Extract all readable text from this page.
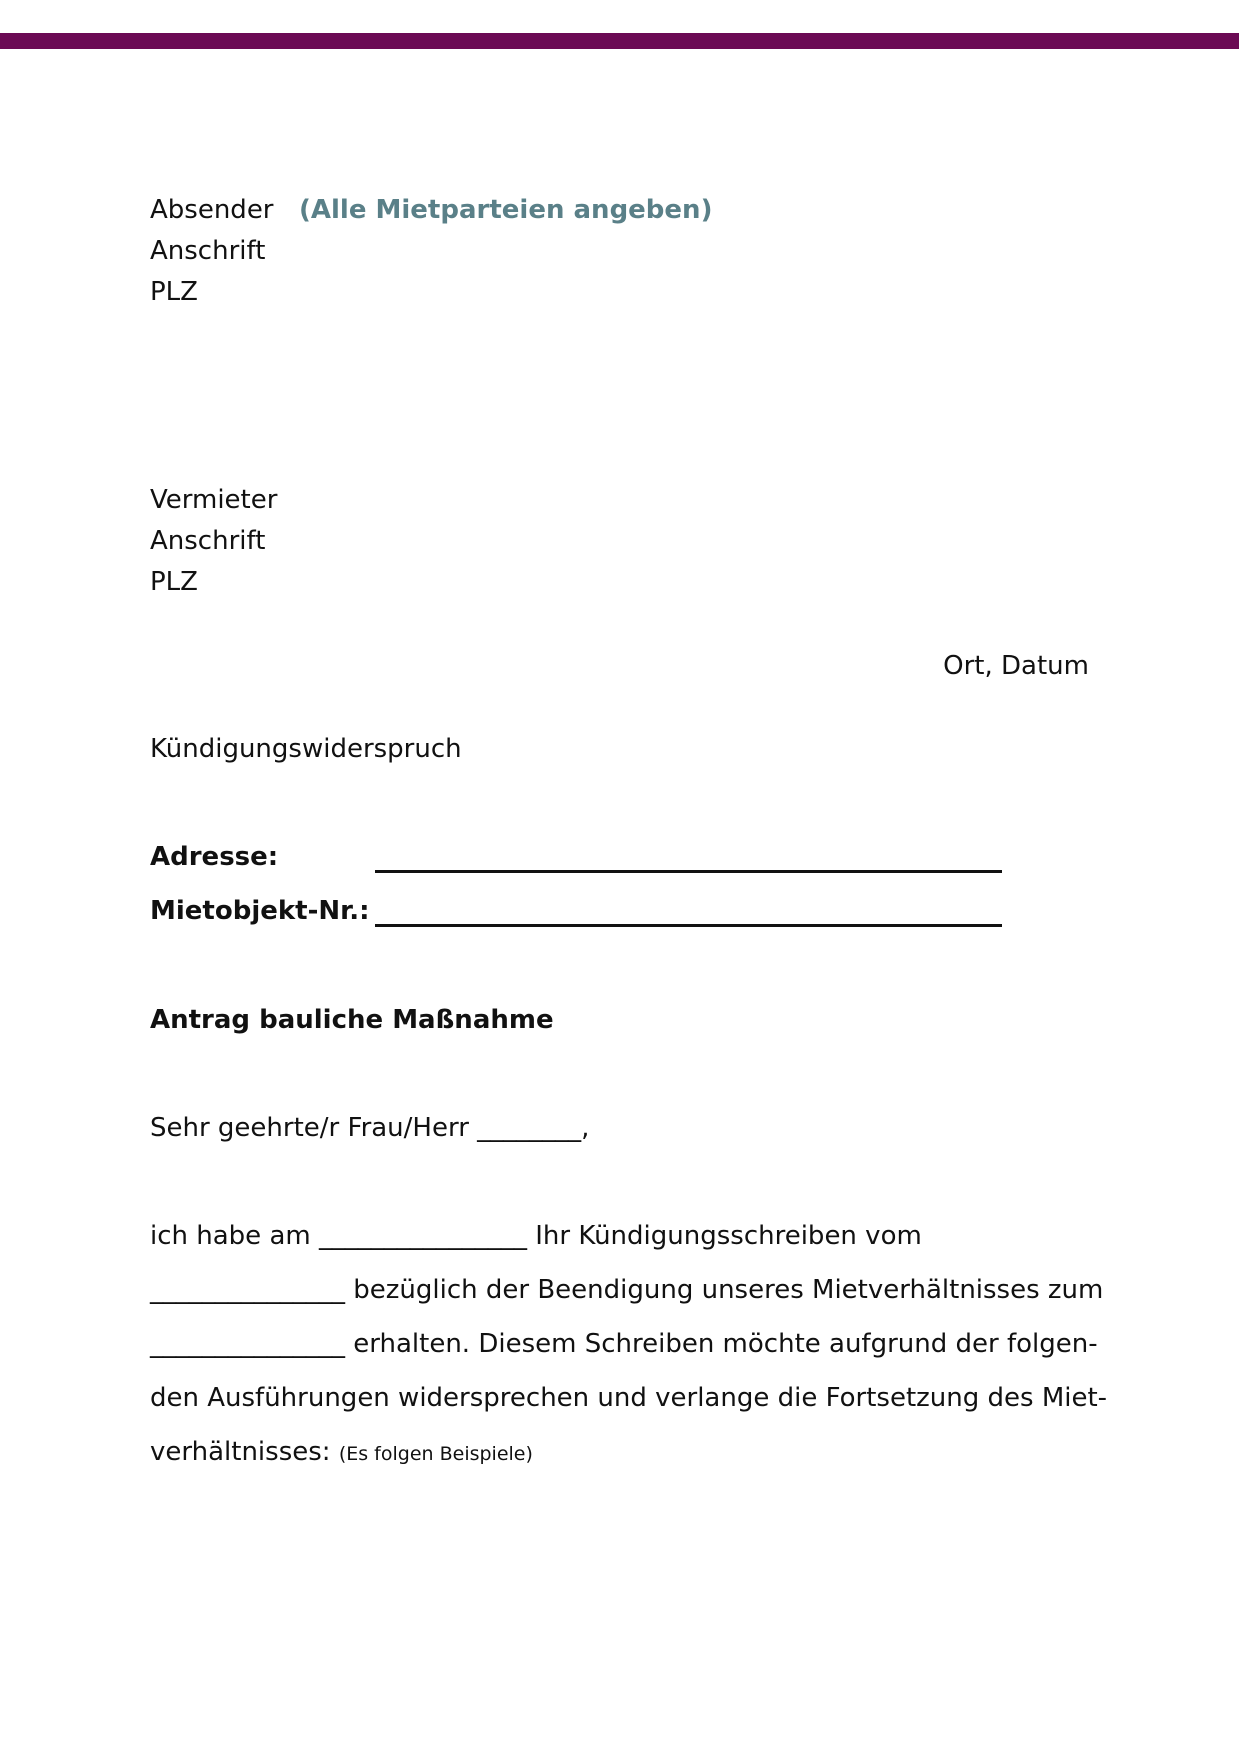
Absender (Alle Mietparteien angeben)
Anschrift
PLZ
Vermieter
Anschrift
PLZ
Ort, Datum
Kündigungswiderspruch
Adresse:
Mietobjekt-Nr.:
Antrag bauliche Maßnahme
Sehr geehrte/r Frau/Herr ________,
ich habe am ________________ Ihr Kündigungsschreiben vom
_______________ bezüglich der Beendigung unseres Mietverhältnisses zum
_______________ erhalten. Diesem Schreiben möchte aufgrund der folgen-
den Ausführungen widersprechen und verlange die Fortsetzung des Miet-
verhältnisses: (Es folgen Beispiele)
